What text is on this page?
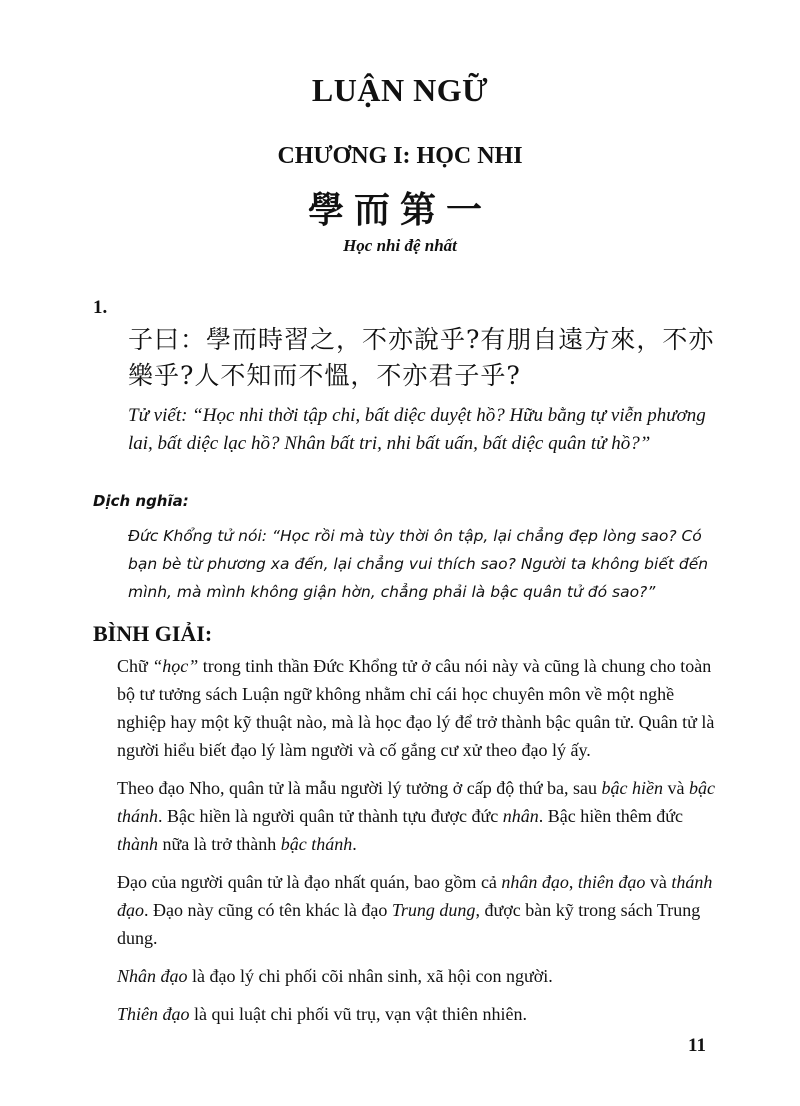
LUẬN NGỮ
CHƯƠNG I: HỌC NHI
學而第一
Học nhi đệ nhất
1.
子曰：學而時習之，不亦說乎?有朋自遠方來，不亦
樂乎?人不知而不慍，不亦君子乎?
Tử viết: “Học nhi thời tập chi, bất diệc duyệt hồ? Hữu bằng tự viễn phương lai, bất diệc lạc hồ? Nhân bất tri, nhi bất uấn, bất diệc quân tử hồ?”
Dịch nghĩa:
Đức Khổng tử nói: “Học rồi mà tùy thời ôn tập, lại chẳng đẹp lòng sao? Có bạn bè từ phương xa đến, lại chẳng vui thích sao? Người ta không biết đến mình, mà mình không giận hờn, chẳng phải là bậc quân tử đó sao?”
BÌNH GIẢI:

Chữ “học” trong tinh thần Đức Khổng tử ở câu nói này và cũng là chung cho toàn bộ tư tưởng sách Luận ngữ không nhằm chỉ cái học chuyên môn về một nghề nghiệp hay một kỹ thuật nào, mà là học đạo lý để trở thành bậc quân tử. Quân tử là người hiểu biết đạo lý làm người và cố gắng cư xử theo đạo lý ấy.

Theo đạo Nho, quân tử là mẫu người lý tưởng ở cấp độ thứ ba, sau bậc hiền và bậc thánh. Bậc hiền là người quân tử thành tựu được đức nhân. Bậc hiền thêm đức thành nữa là trở thành bậc thánh.

Đạo của người quân tử là đạo nhất quán, bao gồm cả nhân đạo, thiên đạo và thánh đạo. Đạo này cũng có tên khác là đạo Trung dung, được bàn kỹ trong sách Trung dung.

Nhân đạo là đạo lý chi phối cõi nhân sinh, xã hội con người.

Thiên đạo là qui luật chi phối vũ trụ, vạn vật thiên nhiên.

11
